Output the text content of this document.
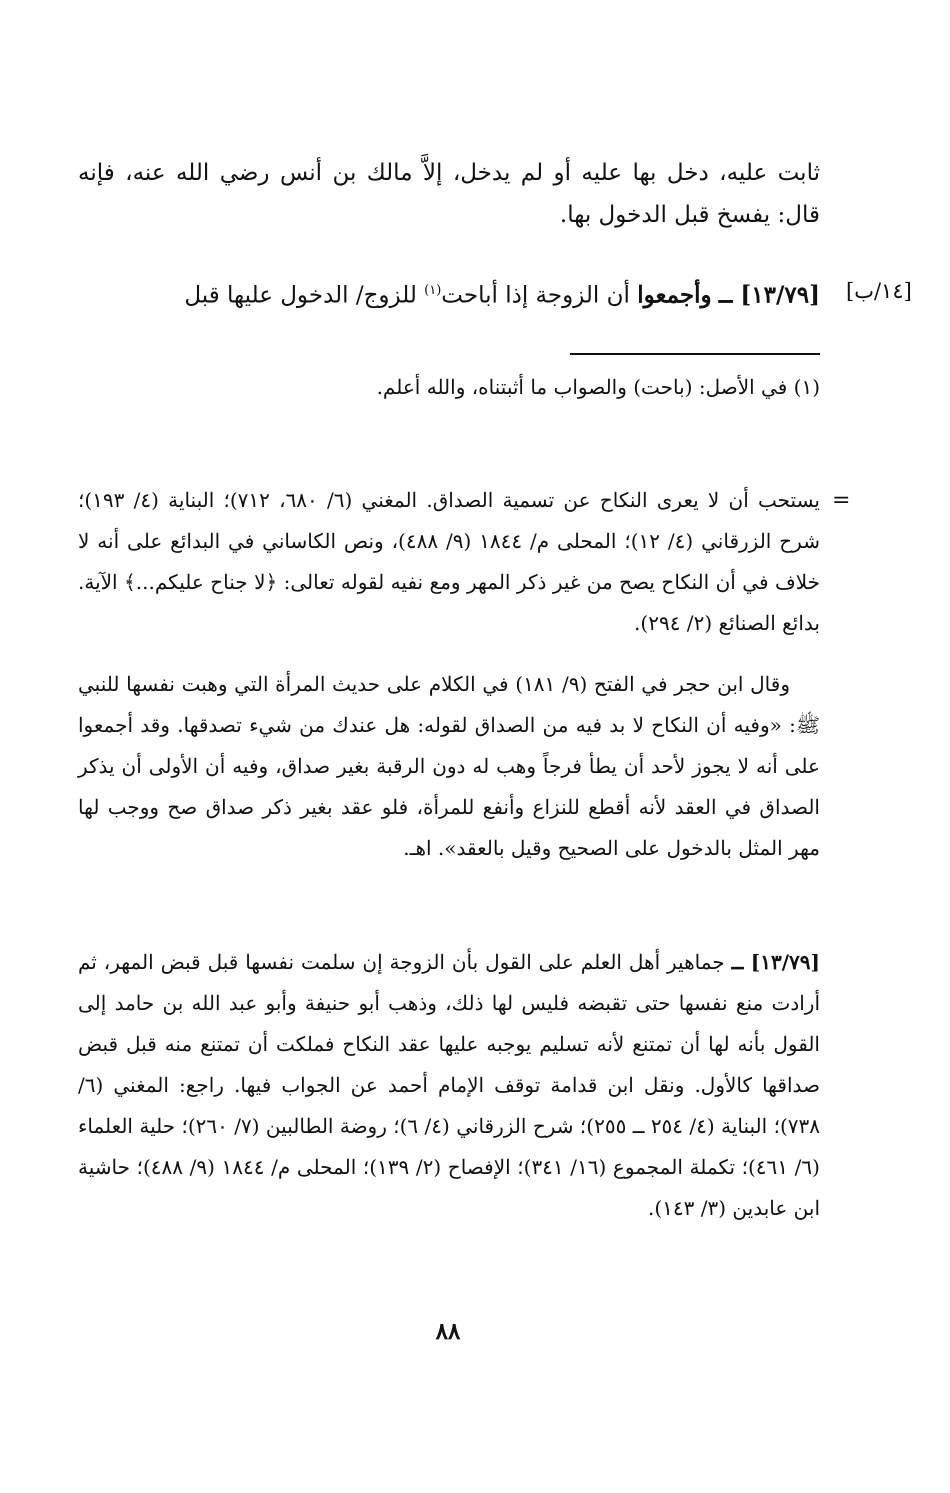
ثابت عليه، دخل بها عليه أو لم يدخل، إلاَّ مالك بن أنس رضي الله عنه، فإنه قال: يفسخ قبل الدخول بها.

[١٤/ب]

[١٣/٧٩] ــ وأجمعوا أن الزوجة إذا أباحت$^{(١)}$ للزوج/ الدخول عليها قبل

(١) في الأصل: (باحت) والصواب ما أثبتناه، والله أعلم.

=

يستحب أن لا يعرى النكاح عن تسمية الصداق. المغني (٦/ ٦٨٠، ٧١٢)؛ البناية (٤/ ١٩٣)؛ شرح الزرقاني (٤/ ١٢)؛ المحلى م/ ١٨٤٤ (٩/ ٤٨٨)، ونص الكاساني في البدائع على أنه لا خلاف في أن النكاح يصح من غير ذكر المهر ومع نفيه لقوله تعالى: ﴿لا جناح عليكم...﴾ الآية. بدائع الصنائع (٢/ ٢٩٤).

وقال ابن حجر في الفتح (٩/ ١٨١) في الكلام على حديث المرأة التي وهبت نفسها للنبي ﷺ: «وفيه أن النكاح لا بد فيه من الصداق لقوله: هل عندك من شيء تصدقها. وقد أجمعوا على أنه لا يجوز لأحد أن يطأ فرجاً وهب له دون الرقبة بغير صداق، وفيه أن الأولى أن يذكر الصداق في العقد لأنه أقطع للنزاع وأنفع للمرأة، فلو عقد بغير ذكر صداق صح ووجب لها مهر المثل بالدخول على الصحيح وقيل بالعقد». اهـ.

[١٣/٧٩] ــ جماهير أهل العلم على القول بأن الزوجة إن سلمت نفسها قبل قبض المهر، ثم أرادت منع نفسها حتى تقبضه فليس لها ذلك، وذهب أبو حنيفة وأبو عبد الله بن حامد إلى القول بأنه لها أن تمتنع لأنه تسليم يوجبه عليها عقد النكاح فملكت أن تمتنع منه قبل قبض صداقها كالأول. ونقل ابن قدامة توقف الإمام أحمد عن الجواب فيها. راجع: المغني (٦/ ٧٣٨)؛ البناية (٤/ ٢٥٤ ــ ٢٥٥)؛ شرح الزرقاني (٤/ ٦)؛ روضة الطالبين (٧/ ٢٦٠)؛ حلية العلماء (٦/ ٤٦١)؛ تكملة المجموع (١٦/ ٣٤١)؛ الإفصاح (٢/ ١٣٩)؛ المحلى م/ ١٨٤٤ (٩/ ٤٨٨)؛ حاشية ابن عابدين (٣/ ١٤٣).

٨٨
